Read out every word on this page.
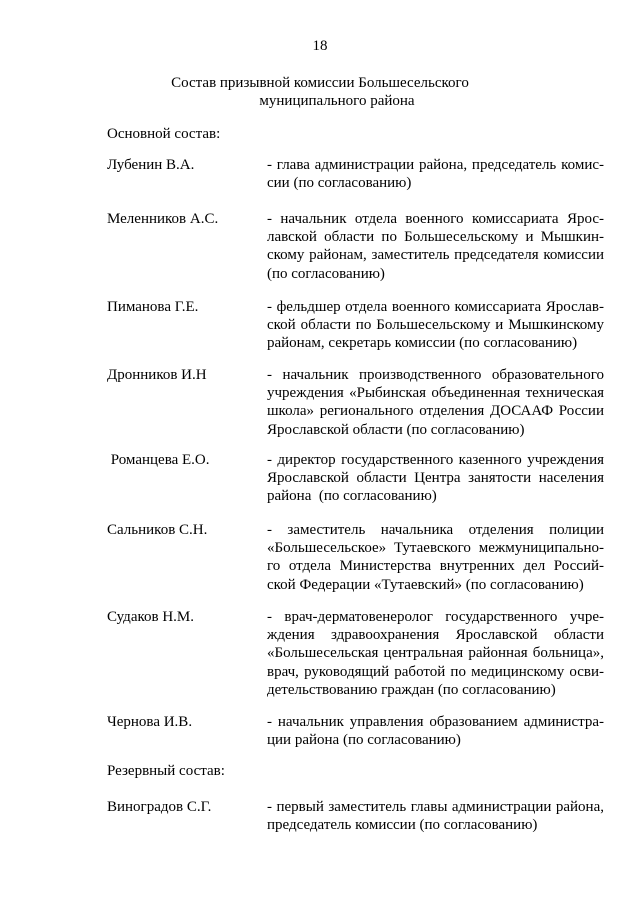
18
Состав призывной комиссии Большесельского
муниципального района
Основной состав:
Лубенин В.А.	- глава администрации района, председатель комис-
сии (по согласованию)
Меленников А.С.	- начальник отдела военного комиссариата Ярос-
лавской области по Большесельскому и Мышкин-
скому районам, заместитель председателя комиссии
(по согласованию)
Пиманова Г.Е.	- фельдшер отдела военного комиссариата Ярослав-
ской области по Большесельскому и Мышкинскому
районам, секретарь комиссии (по согласованию)
Дронников И.Н	- начальник производственного образовательного
учреждения «Рыбинская объединенная техническая
школа» регионального отделения ДОСААФ России
Ярославской области (по согласованию)
Романцева Е.О.	- директор государственного казенного учреждения
Ярославской области Центра занятости населения
района  (по согласованию)
Сальников С.Н.	- заместитель начальника отделения полиции
«Большесельское» Тутаевского межмуниципально-
го отдела Министерства внутренних дел Россий-
ской Федерации «Тутаевский» (по согласованию)
Судаков Н.М.	- врач-дерматовенеролог государственного учре-
ждения здравоохранения Ярославской области
«Большесельская центральная районная больница»,
врач, руководящий работой по медицинскому осви-
детельствованию граждан (по согласованию)
Чернова И.В.	- начальник управления образованием администра-
ции района (по согласованию)
Резервный состав:
Виноградов С.Г.	- первый заместитель главы администрации района,
председатель комиссии (по согласованию)
